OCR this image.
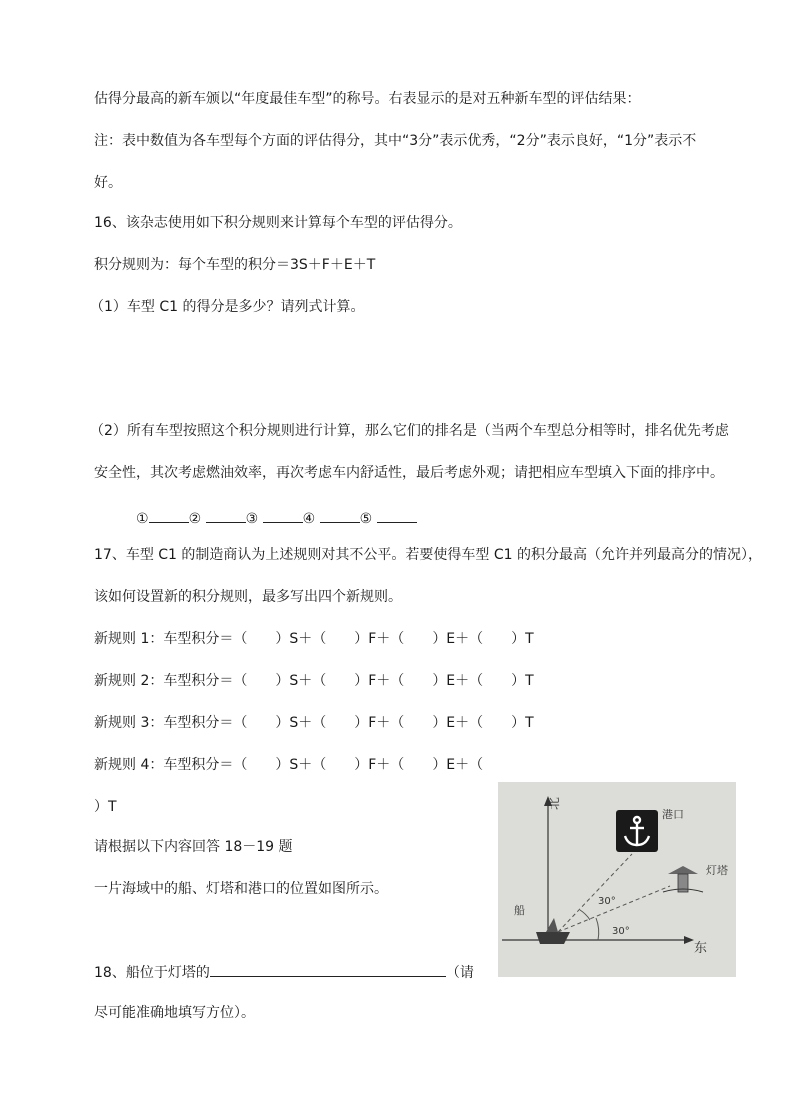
估得分最高的新车颁以“年度最佳车型”的称号。右表显示的是对五种新车型的评估结果：
注：表中数值为各车型每个方面的评估得分，其中“3分”表示优秀，“2分”表示良好，“1分”表示不
好。
16、该杂志使用如下积分规则来计算每个车型的评估得分。
积分规则为：每个车型的积分＝3S＋F＋E＋T
（1）车型 C1 的得分是多少？请列式计算。
（2）所有车型按照这个积分规则进行计算，那么它们的排名是（当两个车型总分相等时，排名优先考虑
安全性，其次考虑燃油效率，再次考虑车内舒适性，最后考虑外观；请把相应车型填入下面的排序中。
①	②	③	④	⑤
17、车型 C1 的制造商认为上述规则对其不公平。若要使得车型 C1 的积分最高（允许并列最高分的情况），
该如何设置新的积分规则，最多写出四个新规则。
新规则 1：车型积分＝（ ）S＋（ ）F＋（ ）E＋（ ）T
新规则 2：车型积分＝（ ）S＋（ ）F＋（ ）E＋（ ）T
新规则 3：车型积分＝（ ）S＋（ ）F＋（ ）E＋（ ）T
新规则 4：车型积分＝（ ）S＋（ ）F＋（ ）E＋（
）T
请根据以下内容回答 18－19 题
一片海域中的船、灯塔和港口的位置如图所示。
18、船位于灯塔的	（请
尽可能准确地填写方位）。
北
东
港口
灯塔
船
30°
30°
